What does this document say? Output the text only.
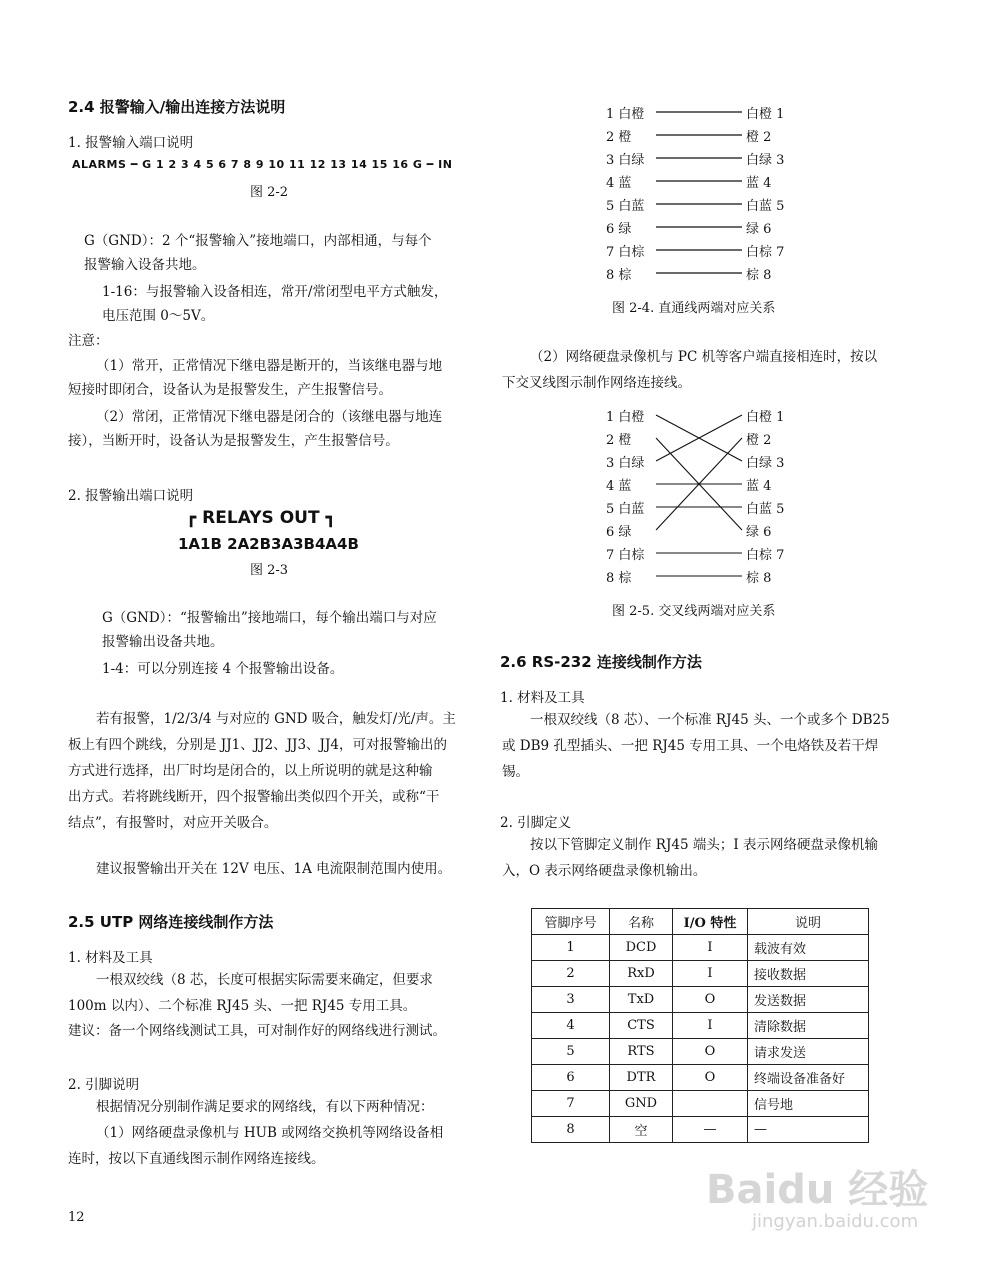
2.4 报警输入/输出连接方法说明
1. 报警输入端口说明
ALARMS ━ G 1 2 3 4 5 6 7 8 9 10 11 12 13 14 15 16 G ━ IN
图 2-2
G（GND）：2 个“报警输入”接地端口，内部相通，与每个
报警输入设备共地。
1-16：与报警输入设备相连，常开/常闭型电平方式触发，
电压范围 0～5V。
注意：
（1）常开，正常情况下继电器是断开的，当该继电器与地
短接时即闭合，设备认为是报警发生，产生报警信号。
（2）常闭，正常情况下继电器是闭合的（该继电器与地连
接），当断开时，设备认为是报警发生，产生报警信号。
2. 报警输出端口说明
┏ RELAYS OUT ┓
1A1B 2A2B3A3B4A4B
图 2-3
G（GND）：“报警输出”接地端口，每个输出端口与对应
报警输出设备共地。
1-4：可以分别连接 4 个报警输出设备。
若有报警，1/2/3/4 与对应的 GND 吸合，触发灯/光/声。主
板上有四个跳线，分别是 JJ1、JJ2、JJ3、JJ4，可对报警输出的
方式进行选择，出厂时均是闭合的，以上所说明的就是这种输
出方式。若将跳线断开，四个报警输出类似四个开关，或称“干
结点”，有报警时，对应开关吸合。
建议报警输出开关在 12V 电压、1A 电流限制范围内使用。
2.5 UTP 网络连接线制作方法
1. 材料及工具
一根双绞线（8 芯，长度可根据实际需要来确定，但要求
100m 以内）、二个标准 RJ45 头、一把 RJ45 专用工具。
建议：备一个网络线测试工具，可对制作好的网络线进行测试。
2. 引脚说明
根据情况分别制作满足要求的网络线，有以下两种情况：
（1）网络硬盘录像机与 HUB 或网络交换机等网络设备相
连时，按以下直通线图示制作网络连接线。
12
1 白橙
2 橙
3 白绿
4 蓝
5 白蓝
6 绿
7 白棕
8 棕
白橙 1
橙 2
白绿 3
蓝 4
白蓝 5
绿 6
白棕 7
棕 8
图 2-4. 直通线两端对应关系
（2）网络硬盘录像机与 PC 机等客户端直接相连时，按以
下交叉线图示制作网络连接线。
1 白橙
2 橙
3 白绿
4 蓝
5 白蓝
6 绿
7 白棕
8 棕
白橙 1
橙 2
白绿 3
蓝 4
白蓝 5
绿 6
白棕 7
棕 8
图 2-5. 交叉线两端对应关系
2.6 RS-232 连接线制作方法
1. 材料及工具
一根双绞线（8 芯）、一个标准 RJ45 头、一个或多个 DB25
或 DB9 孔型插头、一把 RJ45 专用工具、一个电烙铁及若干焊
锡。
2. 引脚定义
按以下管脚定义制作 RJ45 端头；I 表示网络硬盘录像机输
入，O 表示网络硬盘录像机输出。
管脚序号	名称	I/O 特性	说明
1	DCD	I	载波有效
2	RxD	I	接收数据
3	TxD	O	发送数据
4	CTS	I	清除数据
5	RTS	O	请求发送
6	DTR	O	终端设备准备好
7	GND		信号地
8	空	—	—
Baidu 经验
jingyan.baidu.com
